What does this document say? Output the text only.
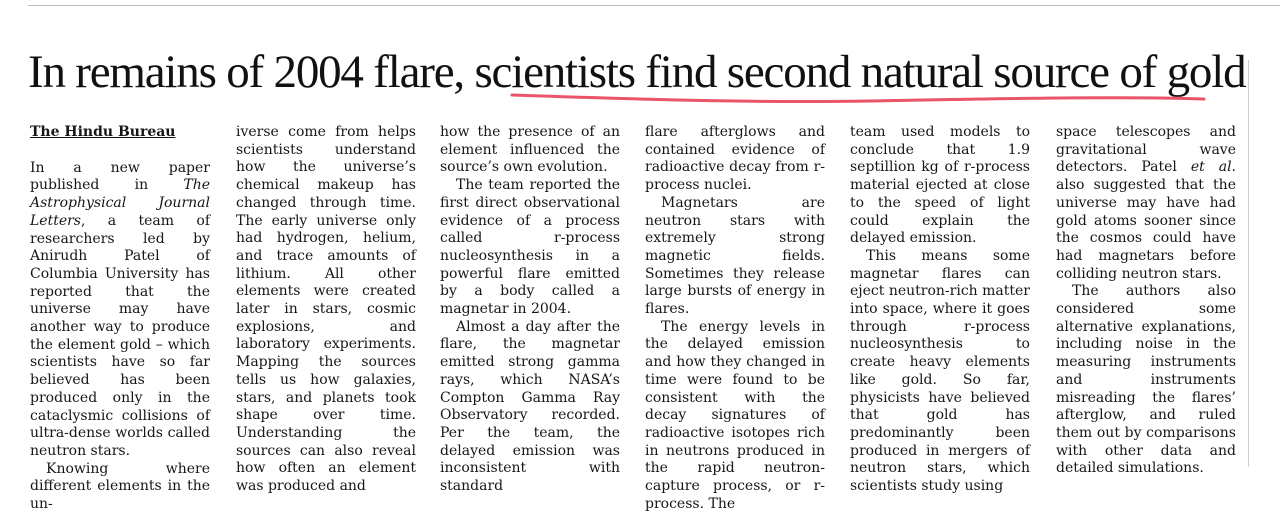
In remains of 2004 flare, scientists find second natural source of gold
The Hindu Bureau

In a new paper published in The Astrophysical Journal Letters, a team of researchers led by Anirudh Patel of Columbia University has reported that the universe may have another way to produce the element gold – which scientists have so far believed has been produced only in the cataclysmic collisions of ultra-dense worlds called neutron stars.

Knowing where different elements in the un-

iverse come from helps scientists understand how the universe’s chemical makeup has changed through time. The early universe only had hydrogen, helium, and trace amounts of lithium. All other elements were created later in stars, cosmic explosions, and laboratory experiments. Mapping the sources tells us how galaxies, stars, and planets took shape over time. Understanding the sources can also reveal how often an element was produced and

how the presence of an element influenced the source’s own evolution.

The team reported the first direct observational evidence of a process called r-process nucleosynthesis in a powerful flare emitted by a body called a magnetar in 2004.

Almost a day after the flare, the magnetar emitted strong gamma rays, which NASA’s Compton Gamma Ray Observatory recorded. Per the team, the delayed emission was inconsistent with standard

flare afterglows and contained evidence of radioactive decay from r-process nuclei.

Magnetars are neutron stars with extremely strong magnetic fields. Sometimes they release large bursts of energy in flares.

The energy levels in the delayed emission and how they changed in time were found to be consistent with the decay signatures of radioactive isotopes rich in neutrons produced in the rapid neutron-capture process, or r-process. The

team used models to conclude that 1.9 septillion kg of r-process material ejected at close to the speed of light could explain the delayed emission.

This means some magnetar flares can eject neutron-rich matter into space, where it goes through r-process nucleosynthesis to create heavy elements like gold. So far, physicists have believed that gold has predominantly been produced in mergers of neutron stars, which scientists study using

space telescopes and gravitational wave detectors. Patel et al. also suggested that the universe may have had gold atoms sooner since the cosmos could have had magnetars before colliding neutron stars.

The authors also considered some alternative explanations, including noise in the measuring instruments and instruments misreading the flares’ afterglow, and ruled them out by comparisons with other data and detailed simulations.
